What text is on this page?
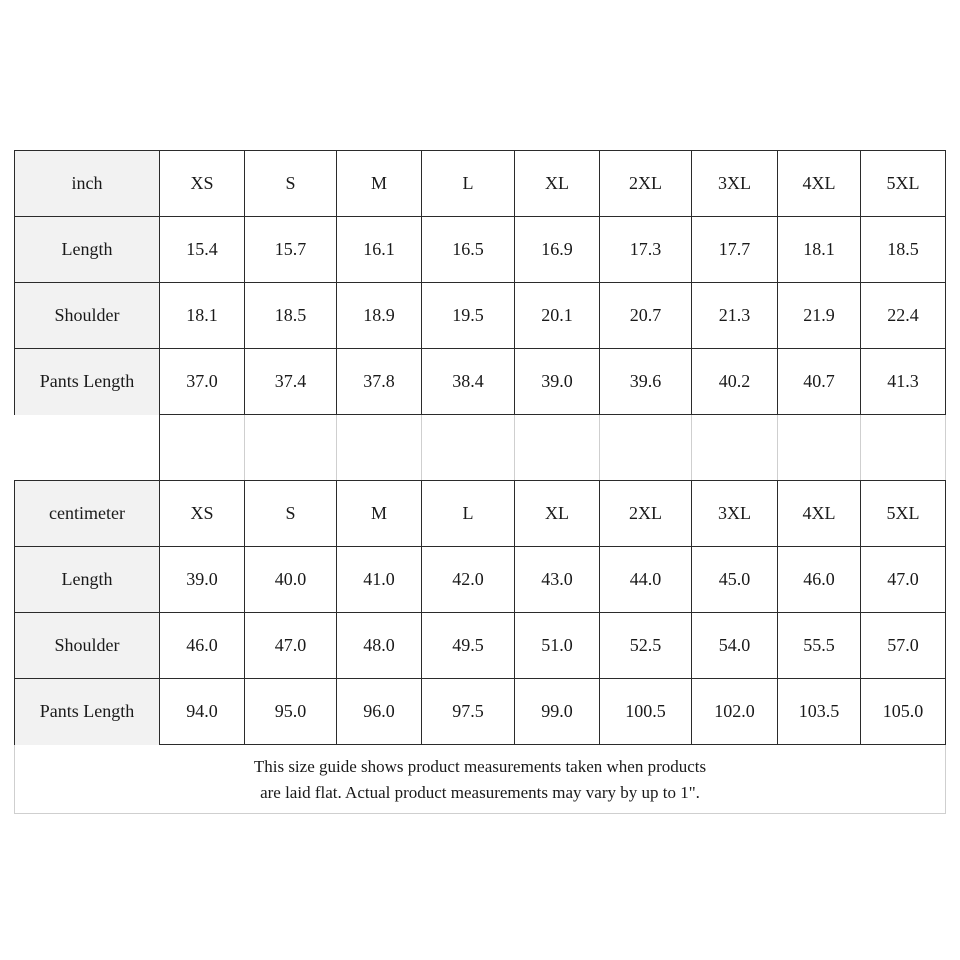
inch	XS	S	M	L	XL	2XL	3XL	4XL	5XL
Length	15.4	15.7	16.1	16.5	16.9	17.3	17.7	18.1	18.5
Shoulder	18.1	18.5	18.9	19.5	20.1	20.7	21.3	21.9	22.4
Pants Length	37.0	37.4	37.8	38.4	39.0	39.6	40.2	40.7	41.3

centimeter	XS	S	M	L	XL	2XL	3XL	4XL	5XL
Length	39.0	40.0	41.0	42.0	43.0	44.0	45.0	46.0	47.0
Shoulder	46.0	47.0	48.0	49.5	51.0	52.5	54.0	55.5	57.0
Pants Length	94.0	95.0	96.0	97.5	99.0	100.5	102.0	103.5	105.0

This size guide shows product measurements taken when products
are laid flat. Actual product measurements may vary by up to 1".									
